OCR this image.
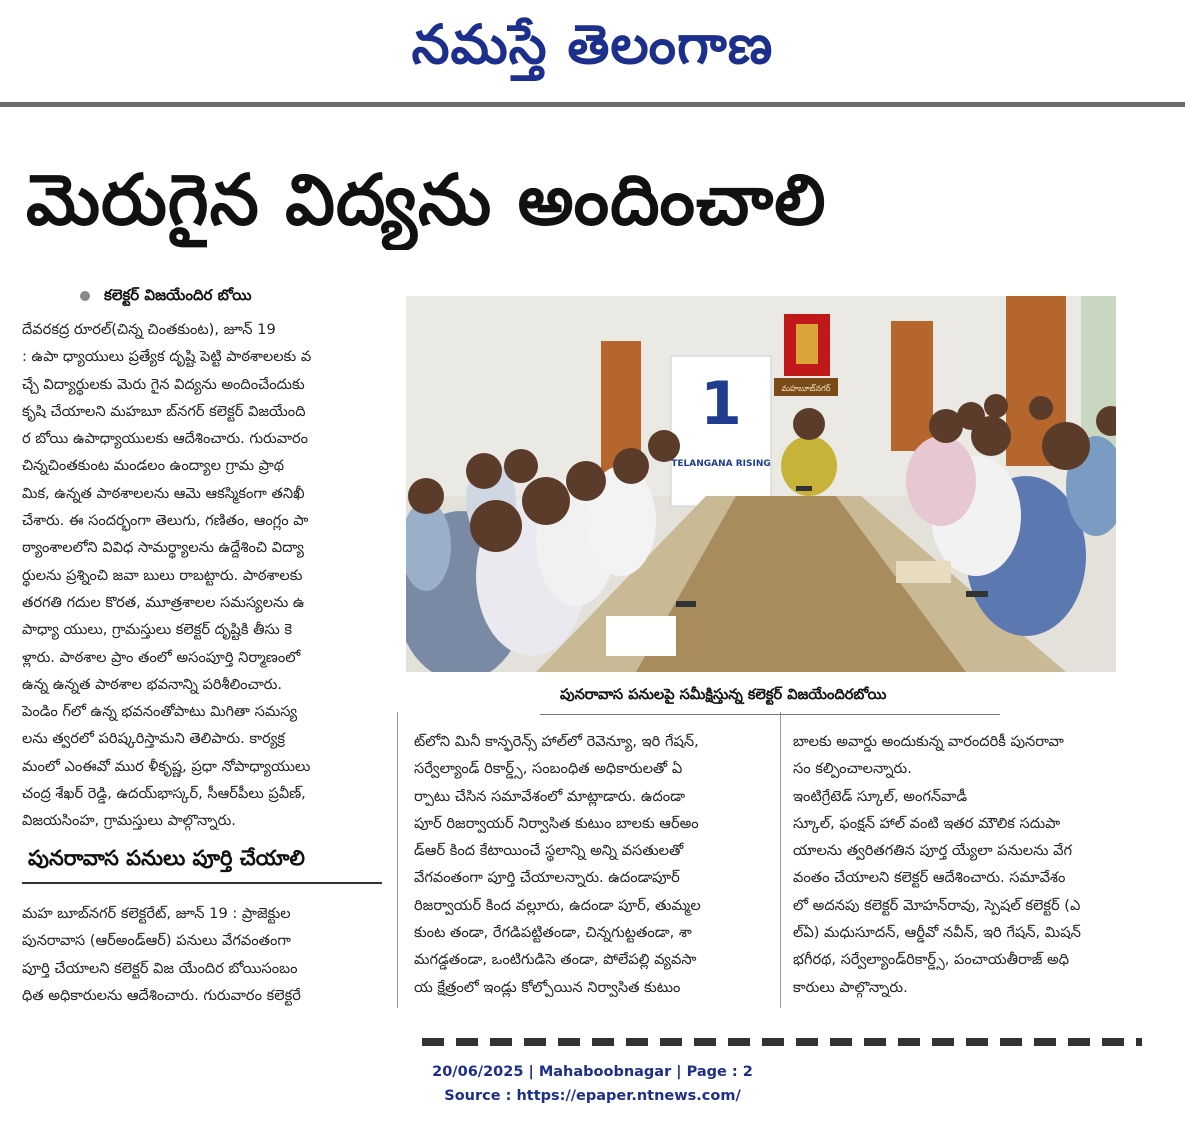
నమస్తే తెలంగాణ
మెరుగైన విద్యను అందించాలి
కలెక్టర్ విజయేందిర బోయి
దేవరకద్ర రూరల్(చిన్న చింతకుంట), జూన్ 19
: ఉపా ధ్యాయులు ప్రత్యేక దృష్టి పెట్టి పాఠశాలలకు వ
చ్చే విద్యార్థులకు మెరు గైన విద్యను అందించేందుకు
కృషి చేయాలని మహబూ బ్‌నగర్ కలెక్టర్ విజయేంది
ర బోయి ఉపాధ్యాయులకు ఆదేశించారు. గురువారం
చిన్నచింతకుంట మండలం ఉంద్యాల గ్రామ ప్రాథ
మిక, ఉన్నత పాఠశాలలను ఆమె ఆకస్మికంగా తనిఖీ
చేశారు. ఈ సందర్భంగా తెలుగు, గణితం, ఆంగ్లం పా
ఠ్యాంశాలలోని వివిధ సామర్థ్యాలను ఉద్దేశించి విద్యా
ర్థులను ప్రశ్నించి జవా బులు రాబట్టారు. పాఠశాలకు
తరగతి గదుల కొరత, మూత్రశాలల సమస్యలను ఉ
పాధ్యా యులు, గ్రామస్తులు కలెక్టర్ దృష్టికి తీసు కె
ళ్లారు. పాఠశాల ప్రాం తంలో అసంపూర్తి నిర్మాణంలో
ఉన్న ఉన్నత పాఠశాల భవనాన్ని పరిశీలించారు.
పెండిం గ్‌లో ఉన్న భవనంతోపాటు మిగితా సమస్య
లను త్వరలో పరిష్కరిస్తామని తెలిపారు. కార్యక్ర
మంలో ఎంఈవో ముర ళీకృష్ణ, ప్రధా నోపాధ్యాయులు
చంద్ర శేఖర్ రెడ్డి, ఉదయ్‌భాస్కర్, సీఆర్‌పీలు ప్రవీణ్,
విజయసింహ, గ్రామస్తులు పాల్గొన్నారు.
పునరావాస పనులు పూర్తి చేయాలి
మహ బూబ్‌నగర్ కలెక్టరేట్, జూన్ 19 : ప్రాజెక్టుల
పునరావాస (ఆర్అండ్ఆర్) పనులు వేగవంతంగా
పూర్తి చేయాలని కలెక్టర్ విజ యేందిర బోయిసంబం
ధిత అధికారులను ఆదేశించారు. గురువారం కలెక్టరే
ట్‌లోని మినీ కాన్ఫరెన్స్ హాల్‌లో రెవెన్యూ, ఇరి గేషన్,
సర్వేల్యాండ్ రికార్డ్స్, సంబంధిత అధికారులతో ఏ
ర్పాటు చేసిన సమావేశంలో మాట్లాడారు. ఉదండా
పూర్ రిజర్వాయర్ నిర్వాసిత కుటుం బాలకు ఆర్అం
డ్ఆర్ కింద కేటాయించే స్థలాన్ని అన్ని వసతులతో
వేగవంతంగా పూర్తి చేయాలన్నారు. ఉదండాపూర్
రిజర్వాయర్ కింద వల్లూరు, ఉదండా పూర్, తుమ్మల
కుంట తండా, రేగడిపట్టితండా, చిన్నగుట్టతండా, శా
మగడ్డతండా, ఒంటిగుడిసె తండా, పోలేపల్లి వ్యవసా
య క్షేత్రంలో ఇండ్లు కోల్పోయిన నిర్వాసిత కుటుం
బాలకు అవార్డు అందుకున్న వారందరికీ పునరావా
సం కల్పించాలన్నారు.
ఇంటిగ్రేటెడ్ స్కూల్, అంగన్‌వాడీ
స్కూల్, ఫంక్షన్ హాల్ వంటి ఇతర మౌలిక సదుపా
యాలను త్వరితగతిన పూర్త య్యేలా పనులను వేగ
వంతం చేయాలని కలెక్టర్ ఆదేశించారు. సమావేశం
లో అదనపు కలెక్టర్ మోహన్‌రావు, స్పెషల్ కలెక్టర్ (ఎ
ల్‌ఏ) మధుసూదన్, ఆర్డీవో నవీన్, ఇరి గేషన్, మిషన్
భగీరథ, సర్వేల్యాండ్‌రికార్డ్స్, పంచాయతీరాజ్ అధి
కారులు పాల్గొన్నారు.
1
TELANGANA RISING
మహబూబ్‌నగర్
పునరావాస పనులపై సమీక్షిస్తున్న కలెక్టర్ విజయేందిరబోయి
20/06/2025 | Mahaboobnagar | Page : 2
Source : https://epaper.ntnews.com/
